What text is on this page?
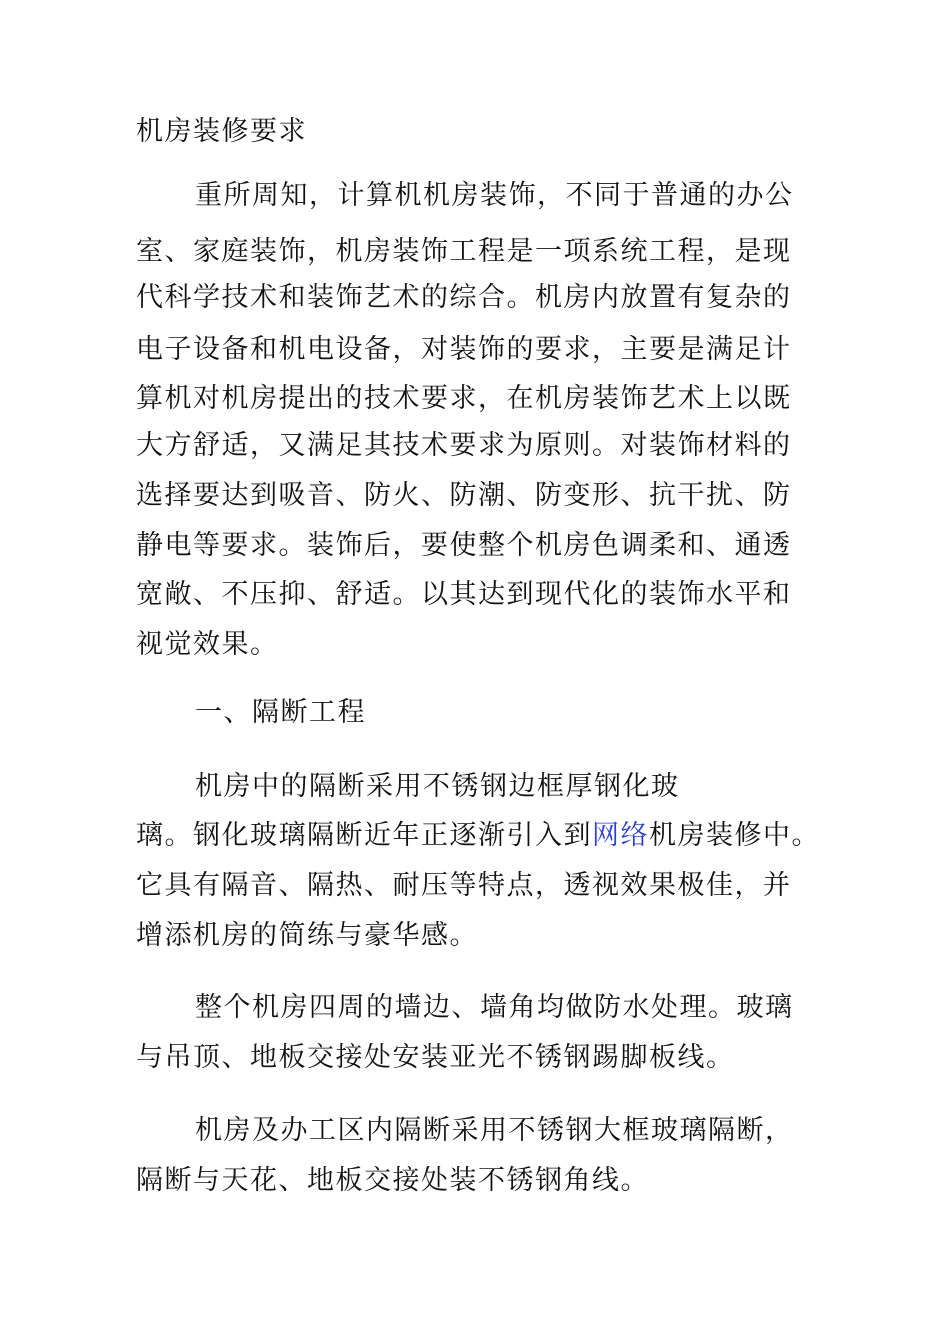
机房装修要求
重所周知，计算机机房装饰，不同于普通的办公
室、家庭装饰，机房装饰工程是一项系统工程，是现
代科学技术和装饰艺术的综合。机房内放置有复杂的
电子设备和机电设备，对装饰的要求，主要是满足计
算机对机房提出的技术要求，在机房装饰艺术上以既
大方舒适，又满足其技术要求为原则。对装饰材料的
选择要达到吸音、防火、防潮、防变形、抗干扰、防
静电等要求。装饰后，要使整个机房色调柔和、通透
宽敞、不压抑、舒适。以其达到现代化的装饰水平和
视觉效果。
一、隔断工程
机房中的隔断采用不锈钢边框厚钢化玻
璃。钢化玻璃隔断近年正逐渐引入到网络机房装修中。
它具有隔音、隔热、耐压等特点，透视效果极佳，并
增添机房的简练与豪华感。
整个机房四周的墙边、墙角均做防水处理。玻璃
与吊顶、地板交接处安装亚光不锈钢踢脚板线。
机房及办工区内隔断采用不锈钢大框玻璃隔断，
隔断与天花、地板交接处装不锈钢角线。
